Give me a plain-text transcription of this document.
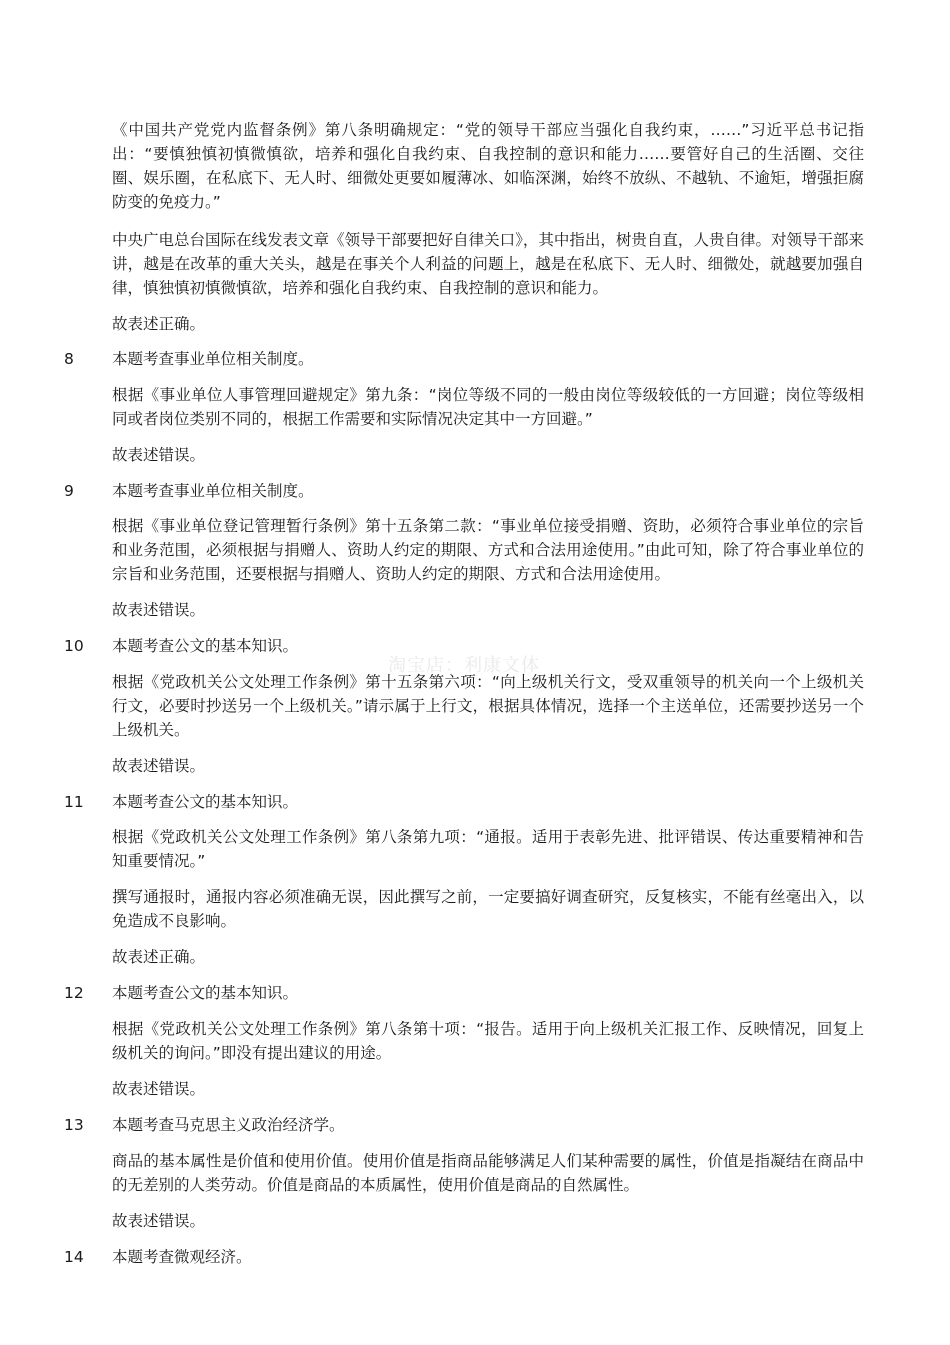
淘宝店：利康文体

《中国共产党党内监督条例》第八条明确规定：“党的领导干部应当强化自我约束，……”习近平总书记指出：“要慎独慎初慎微慎欲，培养和强化自我约束、自我控制的意识和能力……要管好自己的生活圈、交往圈、娱乐圈，在私底下、无人时、细微处更要如履薄冰、如临深渊，始终不放纵、不越轨、不逾矩，增强拒腐防变的免疫力。”

中央广电总台国际在线发表文章《领导干部要把好自律关口》，其中指出，树贵自直，人贵自律。对领导干部来讲，越是在改革的重大关头，越是在事关个人利益的问题上，越是在私底下、无人时、细微处，就越要加强自律，慎独慎初慎微慎欲，培养和强化自我约束、自我控制的意识和能力。

故表述正确。

8 本题考查事业单位相关制度。

根据《事业单位人事管理回避规定》第九条：“岗位等级不同的一般由岗位等级较低的一方回避；岗位等级相同或者岗位类别不同的，根据工作需要和实际情况决定其中一方回避。”

故表述错误。

9 本题考查事业单位相关制度。

根据《事业单位登记管理暂行条例》第十五条第二款：“事业单位接受捐赠、资助，必须符合事业单位的宗旨和业务范围，必须根据与捐赠人、资助人约定的期限、方式和合法用途使用。”由此可知，除了符合事业单位的宗旨和业务范围，还要根据与捐赠人、资助人约定的期限、方式和合法用途使用。

故表述错误。

10 本题考查公文的基本知识。

根据《党政机关公文处理工作条例》第十五条第六项：“向上级机关行文，受双重领导的机关向一个上级机关行文，必要时抄送另一个上级机关。”请示属于上行文，根据具体情况，选择一个主送单位，还需要抄送另一个上级机关。

故表述错误。

11 本题考查公文的基本知识。

根据《党政机关公文处理工作条例》第八条第九项：“通报。适用于表彰先进、批评错误、传达重要精神和告知重要情况。”

撰写通报时，通报内容必须准确无误，因此撰写之前，一定要搞好调查研究，反复核实，不能有丝毫出入，以免造成不良影响。

故表述正确。

12 本题考查公文的基本知识。

根据《党政机关公文处理工作条例》第八条第十项：“报告。适用于向上级机关汇报工作、反映情况，回复上级机关的询问。”即没有提出建议的用途。

故表述错误。

13 本题考查马克思主义政治经济学。

商品的基本属性是价值和使用价值。使用价值是指商品能够满足人们某种需要的属性，价值是指凝结在商品中的无差别的人类劳动。价值是商品的本质属性，使用价值是商品的自然属性。

故表述错误。

14 本题考查微观经济。
